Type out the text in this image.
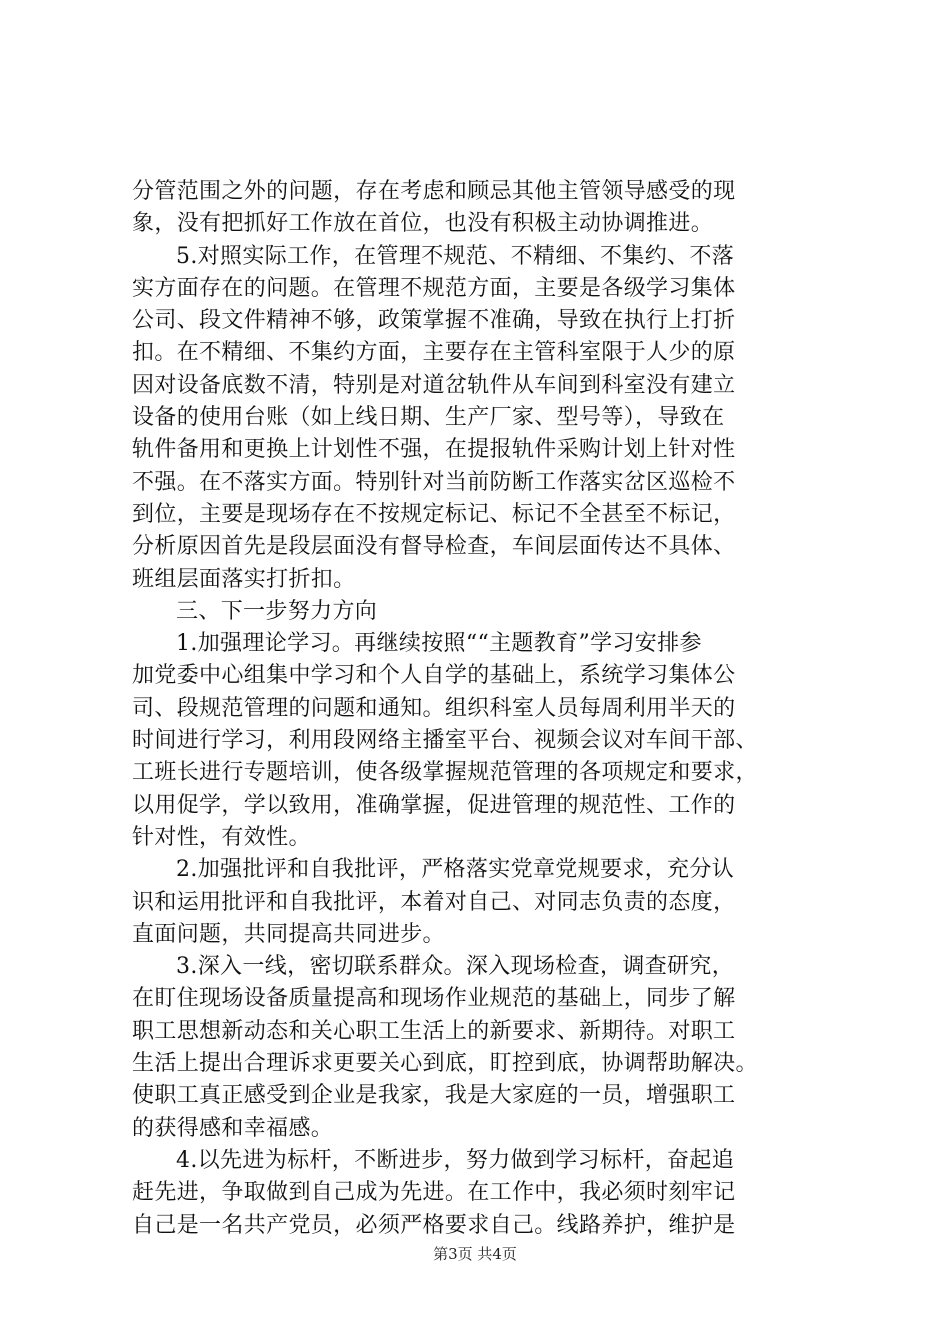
分管范围之外的问题，存在考虑和顾忌其他主管领导感受的现
象，没有把抓好工作放在首位，也没有积极主动协调推进。
5.对照实际工作，在管理不规范、不精细、不集约、不落
实方面存在的问题。在管理不规范方面，主要是各级学习集体
公司、段文件精神不够，政策掌握不准确，导致在执行上打折
扣。在不精细、不集约方面，主要存在主管科室限于人少的原
因对设备底数不清，特别是对道岔轨件从车间到科室没有建立
设备的使用台账（如上线日期、生产厂家、型号等），导致在
轨件备用和更换上计划性不强，在提报轨件采购计划上针对性
不强。在不落实方面。特别针对当前防断工作落实岔区巡检不
到位，主要是现场存在不按规定标记、标记不全甚至不标记，
分析原因首先是段层面没有督导检查，车间层面传达不具体、
班组层面落实打折扣。
三、下一步努力方向
1.加强理论学习。再继续按照““主题教育”学习安排参
加党委中心组集中学习和个人自学的基础上，系统学习集体公
司、段规范管理的问题和通知。组织科室人员每周利用半天的
时间进行学习，利用段网络主播室平台、视频会议对车间干部、
工班长进行专题培训，使各级掌握规范管理的各项规定和要求，
以用促学，学以致用，准确掌握，促进管理的规范性、工作的
针对性，有效性。
2.加强批评和自我批评，严格落实党章党规要求，充分认
识和运用批评和自我批评，本着对自己、对同志负责的态度，
直面问题，共同提高共同进步。
3.深入一线，密切联系群众。深入现场检查，调查研究，
在盯住现场设备质量提高和现场作业规范的基础上，同步了解
职工思想新动态和关心职工生活上的新要求、新期待。对职工
生活上提出合理诉求更要关心到底，盯控到底，协调帮助解决。
使职工真正感受到企业是我家，我是大家庭的一员，增强职工
的获得感和幸福感。
4.以先进为标杆，不断进步，努力做到学习标杆，奋起追
赶先进，争取做到自己成为先进。在工作中，我必须时刻牢记
自己是一名共产党员，必须严格要求自己。线路养护，维护是
第3页 共4页
